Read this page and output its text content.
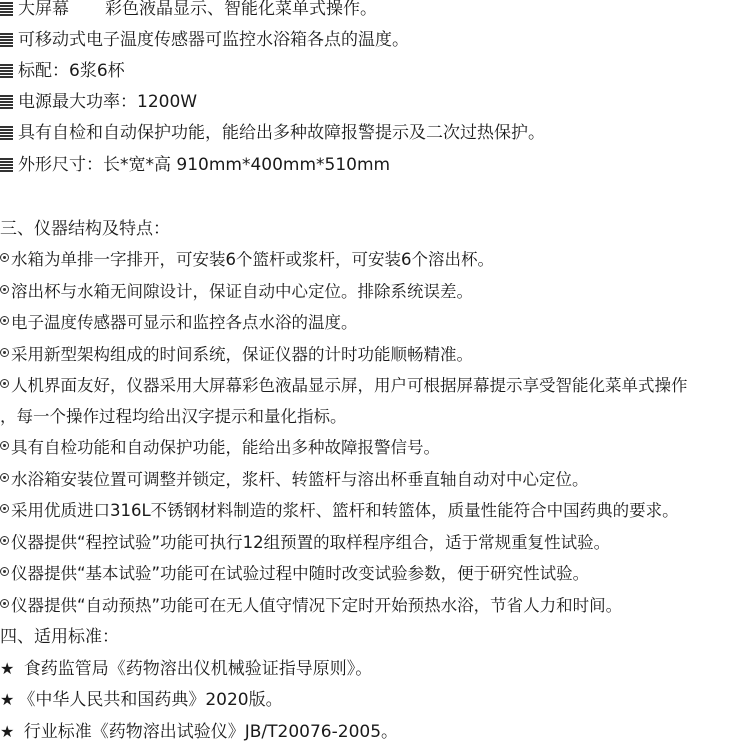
大屏幕 彩色液晶显示、智能化菜单式操作。
可移动式电子温度传感器可监控水浴箱各点的温度。
标配：6浆6杯
电源最大功率：1200W
具有自检和自动保护功能，能给出多种故障报警提示及二次过热保护。
外形尺寸：长*宽*高 910mm*400mm*510mm
三、仪器结构及特点：
水箱为单排一字排开，可安装6个篮杆或浆杆，可安装6个溶出杯。
溶出杯与水箱无间隙设计，保证自动中心定位。排除系统误差。
电子温度传感器可显示和监控各点水浴的温度。
采用新型架构组成的时间系统，保证仪器的计时功能顺畅精准。
人机界面友好，仪器采用大屏幕彩色液晶显示屏，用户可根据屏幕提示享受智能化菜单式操作
，每一个操作过程均给出汉字提示和量化指标。
具有自检功能和自动保护功能，能给出多种故障报警信号。
水浴箱安装位置可调整并锁定，浆杆、转篮杆与溶出杯垂直轴自动对中心定位。
采用优质进口316L不锈钢材料制造的浆杆、篮杆和转篮体，质量性能符合中国药典的要求。
仪器提供“程控试验”功能可执行12组预置的取样程序组合，适于常规重复性试验。
仪器提供“基本试验”功能可在试验过程中随时改变试验参数，便于研究性试验。
仪器提供“自动预热”功能可在无人值守情况下定时开始预热水浴，节省人力和时间。
四、适用标准：
★ 食药监管局《药物溶出仪机械验证指导原则》。
★ 《中华人民共和国药典》2020版。
★ 行业标准《药物溶出试验仪》JB/T20076-2005。
